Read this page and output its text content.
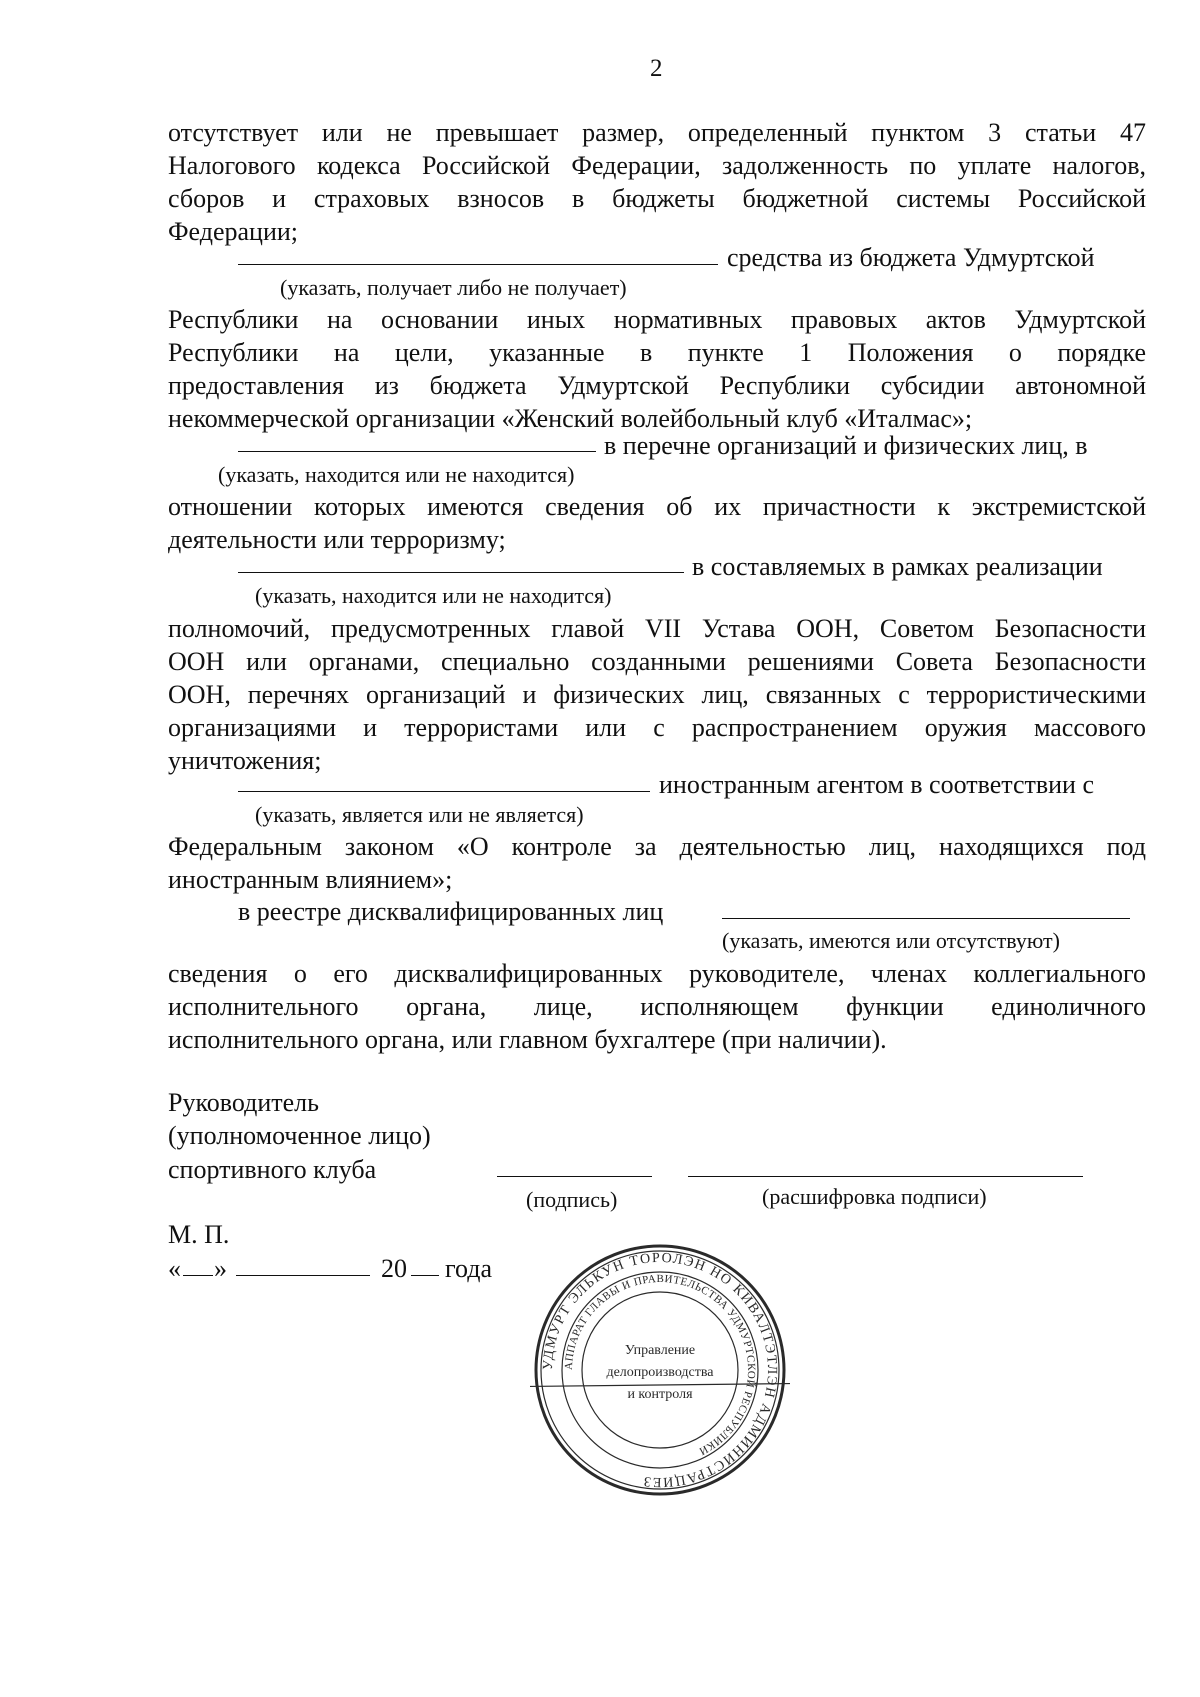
2
отсутствует или не превышает размер, определенный пунктом 3 статьи 47
Налогового кодекса Российской Федерации, задолженность по уплате налогов,
сборов и страховых взносов в бюджеты бюджетной системы Российской
Федерации;
средства из бюджета Удмуртской
(указать, получает либо не получает)
Республики на основании иных нормативных правовых актов Удмуртской
Республики на цели, указанные в пункте 1 Положения о порядке
предоставления из бюджета Удмуртской Республики субсидии автономной
некоммерческой организации «Женский волейбольный клуб «Италмас»;
в перечне организаций и физических лиц, в
(указать, находится или не находится)
отношении которых имеются сведения об их причастности к экстремистской
деятельности или терроризму;
в составляемых в рамках реализации
(указать, находится или не находится)
полномочий, предусмотренных главой VII Устава ООН, Советом Безопасности
ООН или органами, специально созданными решениями Совета Безопасности
ООН, перечнях организаций и физических лиц, связанных с террористическими
организациями и террористами или с распространением оружия массового
уничтожения;
иностранным агентом в соответствии с
(указать, является или не является)
Федеральным законом «О контроле за деятельностью лиц, находящихся под
иностранным влиянием»;
в реестре дисквалифицированных лиц
(указать, имеются или отсутствуют)
сведения о его дисквалифицированных руководителе, членах коллегиального
исполнительного органа, лице, исполняющем функции единоличного
исполнительного органа, или главном бухгалтере (при наличии).
Руководитель
(уполномоченное лицо)
спортивного клуба
(подпись)	(расшифровка подписи)
М. П.
« »	20 года
УДМУРТ ЭЛЬКУН ТОРОЛЭН НО КИВАЛТЭТЛЭН АДМИНИСТРАЦИЕЗ
АППАРАТ ГЛАВЫ И ПРАВИТЕЛЬСТВА УДМУРТСКОЙ РЕСПУБЛИКИ
Управление
делопроизводства
и контроля
